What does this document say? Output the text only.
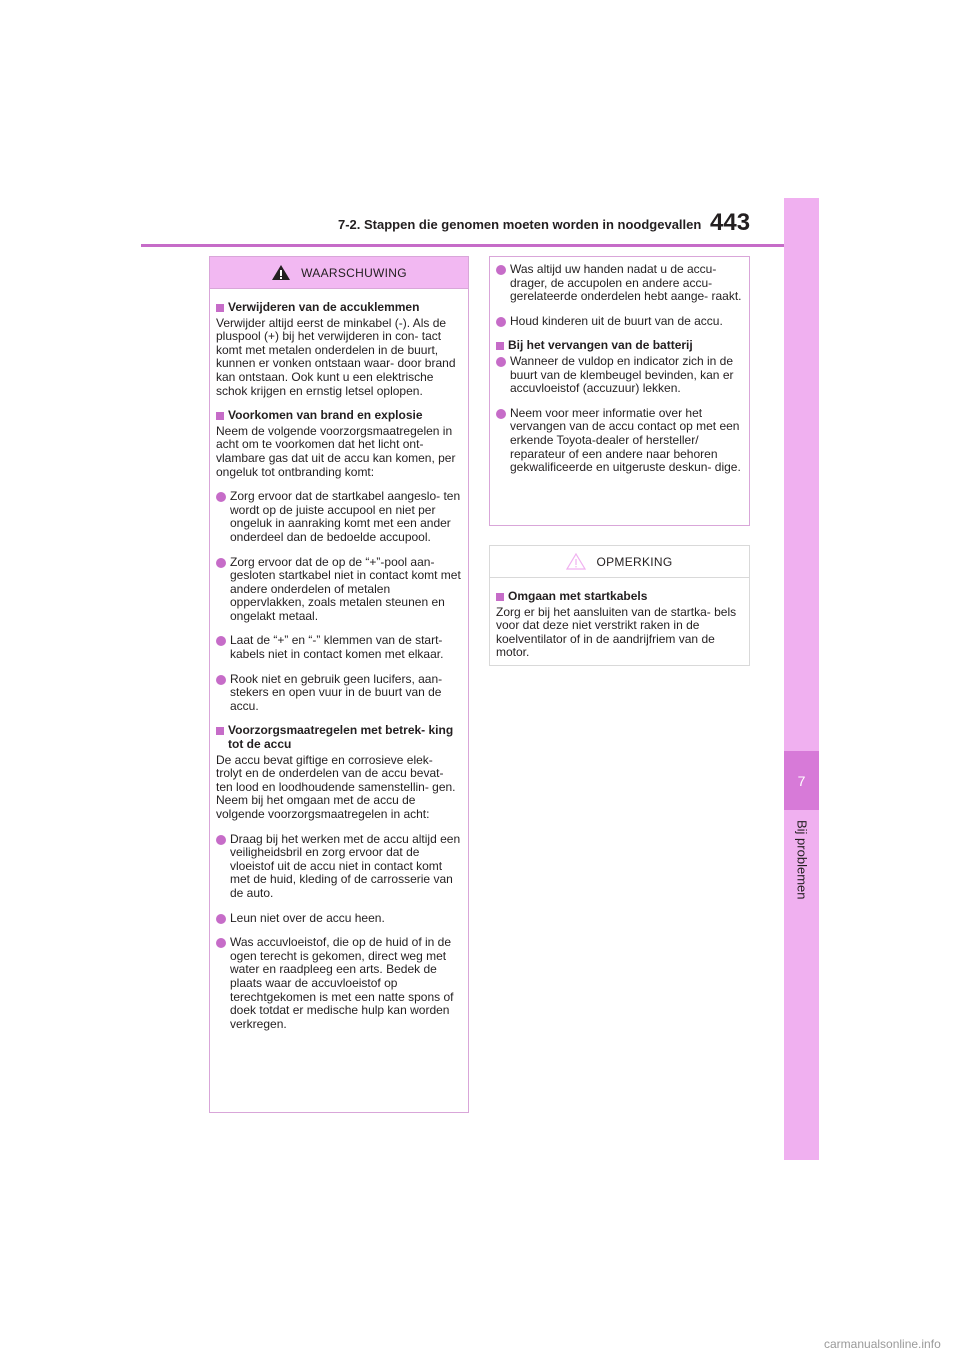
7
Bij problemen
7-2. Stappen die genomen moeten worden in noodgevallen 443
WAARSCHUWING
Verwijderen van de accuklemmen
Verwijder altijd eerst de minkabel (-). Als de pluspool (+) bij het verwijderen in con- tact komt met metalen onderdelen in de buurt, kunnen er vonken ontstaan waar- door brand kan ontstaan. Ook kunt u een elektrische schok krijgen en ernstig letsel oplopen.
Voorkomen van brand en explosie
Neem de volgende voorzorgsmaatregelen in acht om te voorkomen dat het licht ont- vlambare gas dat uit de accu kan komen, per ongeluk tot ontbranding komt:
Zorg ervoor dat de startkabel aangeslo- ten wordt op de juiste accupool en niet per ongeluk in aanraking komt met een ander onderdeel dan de bedoelde accupool.
Zorg ervoor dat de op de “+”-pool aan- gesloten startkabel niet in contact komt met andere onderdelen of metalen oppervlakken, zoals metalen steunen en ongelakt metaal.
Laat de “+” en “-” klemmen van de start- kabels niet in contact komen met elkaar.
Rook niet en gebruik geen lucifers, aan- stekers en open vuur in de buurt van de accu.
Voorzorgsmaatregelen met betrek- king tot de accu
De accu bevat giftige en corrosieve elek- trolyt en de onderdelen van de accu bevat- ten lood en loodhoudende samenstellin- gen. Neem bij het omgaan met de accu de volgende voorzorgsmaatregelen in acht:
Draag bij het werken met de accu altijd een veiligheidsbril en zorg ervoor dat de vloeistof uit de accu niet in contact komt met de huid, kleding of de carrosserie van de auto.
Leun niet over de accu heen.
Was accuvloeistof, die op de huid of in de ogen terecht is gekomen, direct weg met water en raadpleeg een arts. Bedek de plaats waar de accuvloeistof op terechtgekomen is met een natte spons of doek totdat er medische hulp kan worden verkregen.
Was altijd uw handen nadat u de accu- drager, de accupolen en andere accu- gerelateerde onderdelen hebt aange- raakt.
Houd kinderen uit de buurt van de accu.
Bij het vervangen van de batterij
Wanneer de vuldop en indicator zich in de buurt van de klembeugel bevinden, kan er accuvloeistof (accuzuur) lekken.
Neem voor meer informatie over het vervangen van de accu contact op met een erkende Toyota-dealer of hersteller/ reparateur of een andere naar behoren gekwalificeerde en uitgeruste deskun- dige.
OPMERKING
Omgaan met startkabels
Zorg er bij het aansluiten van de startka- bels voor dat deze niet verstrikt raken in de koelventilator of in de aandrijfriem van de motor.
carmanualsonline.info
